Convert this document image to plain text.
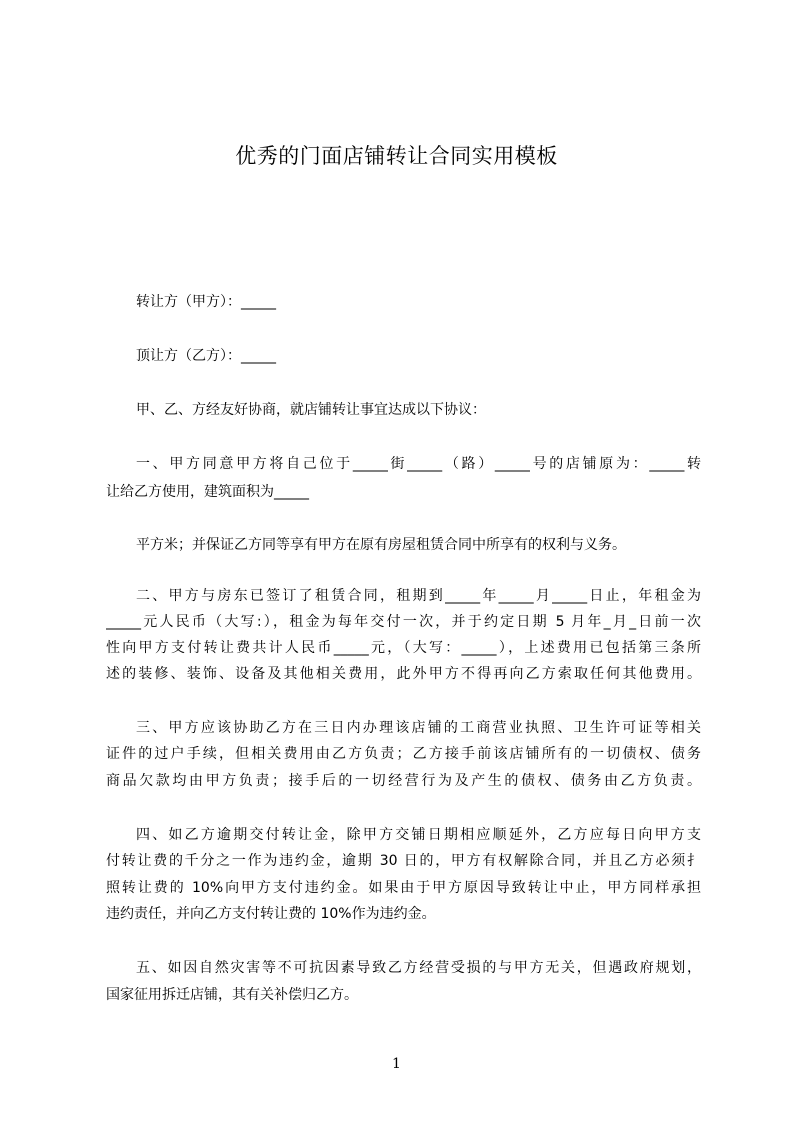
优秀的门面店铺转让合同实用模板
转让方（甲方）：_____
顶让方（乙方）：_____
甲、乙、方经友好协商，就店铺转让事宜达成以下协议：
一、甲方同意甲方将自己位于_____街_____（路）_____号的店铺原为：_____转
让给乙方使用，建筑面积为_____
平方米；并保证乙方同等享有甲方在原有房屋租赁合同中所享有的权利与义务。
二、甲方与房东已签订了租赁合同，租期到_____年_____月_____日止，年租金为
_____元人民币（大写:），租金为每年交付一次，并于约定日期 5 月年_月_日前一次
性向甲方支付转让费共计人民币_____元，（大写：_____），上述费用已包括第三条所
述的装修、装饰、设备及其他相关费用，此外甲方不得再向乙方索取任何其他费用。
三、甲方应该协助乙方在三日内办理该店铺的工商营业执照、卫生许可证等相关
证件的过户手续，但相关费用由乙方负责；乙方接手前该店铺所有的一切债权、债务
商品欠款均由甲方负责；接手后的一切经营行为及产生的债权、债务由乙方负责。
四、如乙方逾期交付转让金，除甲方交铺日期相应顺延外，乙方应每日向甲方支
付转让费的千分之一作为违约金，逾期 30 日的，甲方有权解除合同，并且乙方必须扌
照转让费的 10%向甲方支付违约金。如果由于甲方原因导致转让中止，甲方同样承担
违约责任，并向乙方支付转让费的 10%作为违约金。
五、如因自然灾害等不可抗因素导致乙方经营受损的与甲方无关，但遇政府规划，
国家征用拆迁店铺，其有关补偿归乙方。
1
